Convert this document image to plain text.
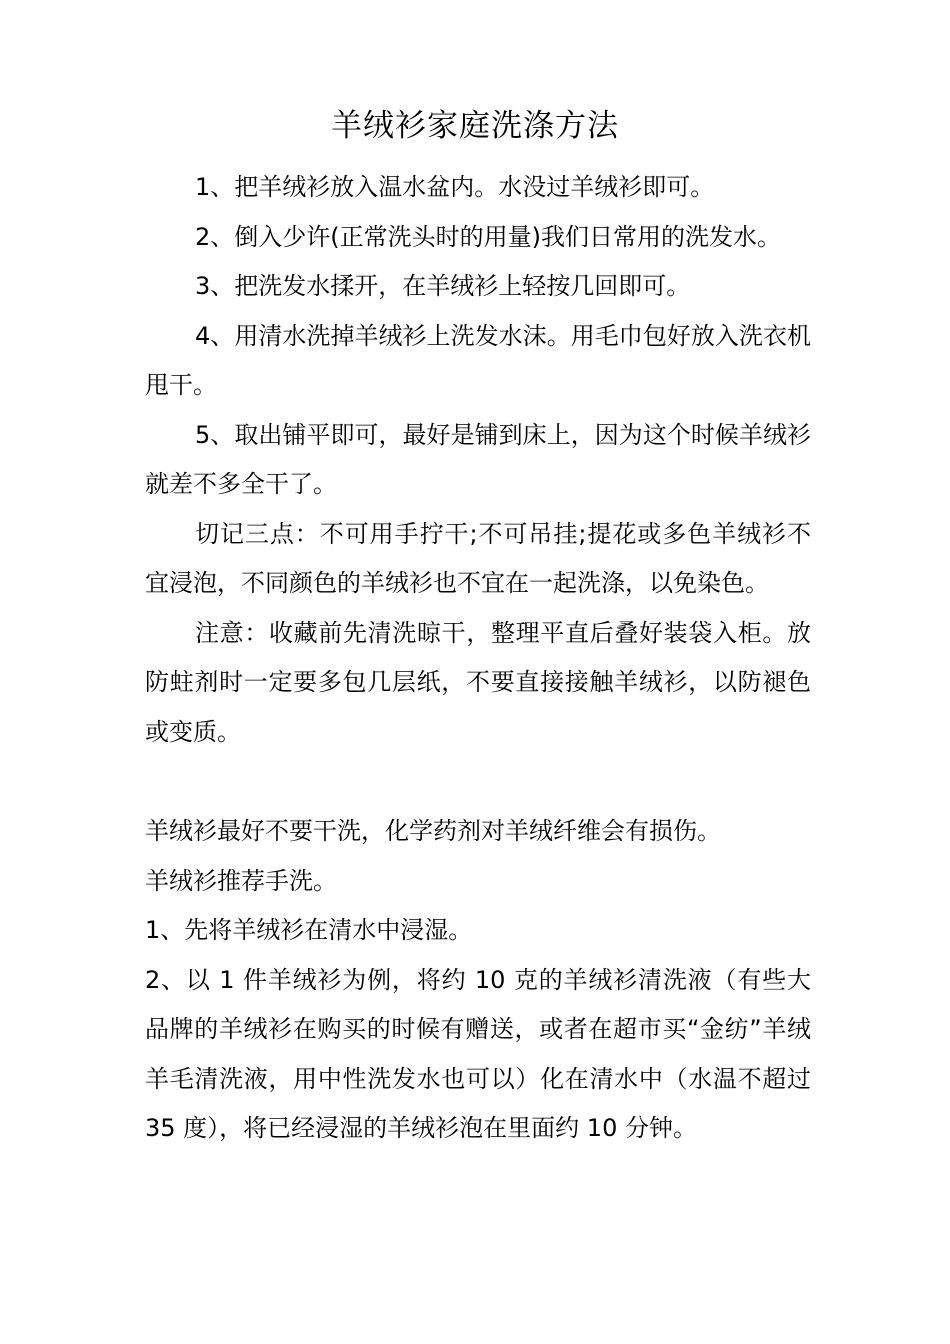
羊绒衫家庭洗涤方法

1、把羊绒衫放入温水盆内。水没过羊绒衫即可。

2、倒入少许(正常洗头时的用量)我们日常用的洗发水。

3、把洗发水揉开，在羊绒衫上轻按几回即可。

4、用清水洗掉羊绒衫上洗发水沫。用毛巾包好放入洗衣机甩干。

5、取出铺平即可，最好是铺到床上，因为这个时候羊绒衫就差不多全干了。

切记三点：不可用手拧干;不可吊挂;提花或多色羊绒衫不宜浸泡，不同颜色的羊绒衫也不宜在一起洗涤，以免染色。

注意：收藏前先清洗晾干，整理平直后叠好装袋入柜。放防蛀剂时一定要多包几层纸，不要直接接触羊绒衫，以防褪色或变质。

羊绒衫最好不要干洗，化学药剂对羊绒纤维会有损伤。

羊绒衫推荐手洗。

1、先将羊绒衫在清水中浸湿。

2、以 1 件羊绒衫为例，将约 10 克的羊绒衫清洗液（有些大品牌的羊绒衫在购买的时候有赠送，或者在超市买“金纺”羊绒羊毛清洗液，用中性洗发水也可以）化在清水中（水温不超过 35 度），将已经浸湿的羊绒衫泡在里面约 10 分钟。
